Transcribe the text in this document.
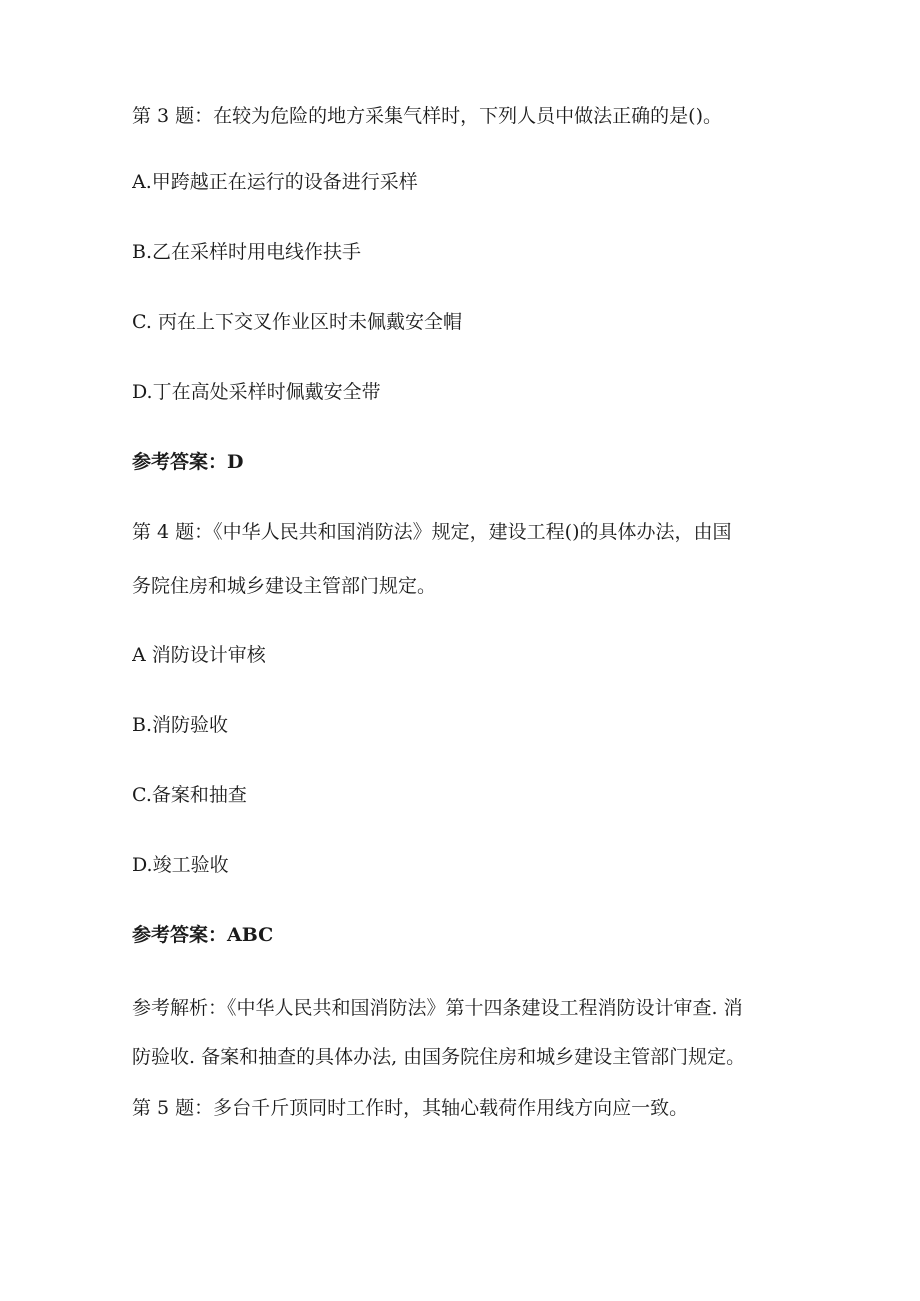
第 3 题：在较为危险的地方采集气样时，下列人员中做法正确的是()。
A.甲跨越正在运行的设备进行采样
B.乙在采样时用电线作扶手
C. 丙在上下交叉作业区时未佩戴安全帽
D.丁在高处采样时佩戴安全带
参考答案：D
第 4 题：《中华人民共和国消防法》规定，建设工程()的具体办法，由国
务院住房和城乡建设主管部门规定。
A 消防设计审核
B.消防验收
C.备案和抽查
D.竣工验收
参考答案：ABC
参考解析：《中华人民共和国消防法》第十四条建设工程消防设计审查. 消
防验收. 备案和抽查的具体办法, 由国务院住房和城乡建设主管部门规定。
第 5 题：多台千斤顶同时工作时，其轴心载荷作用线方向应一致。
